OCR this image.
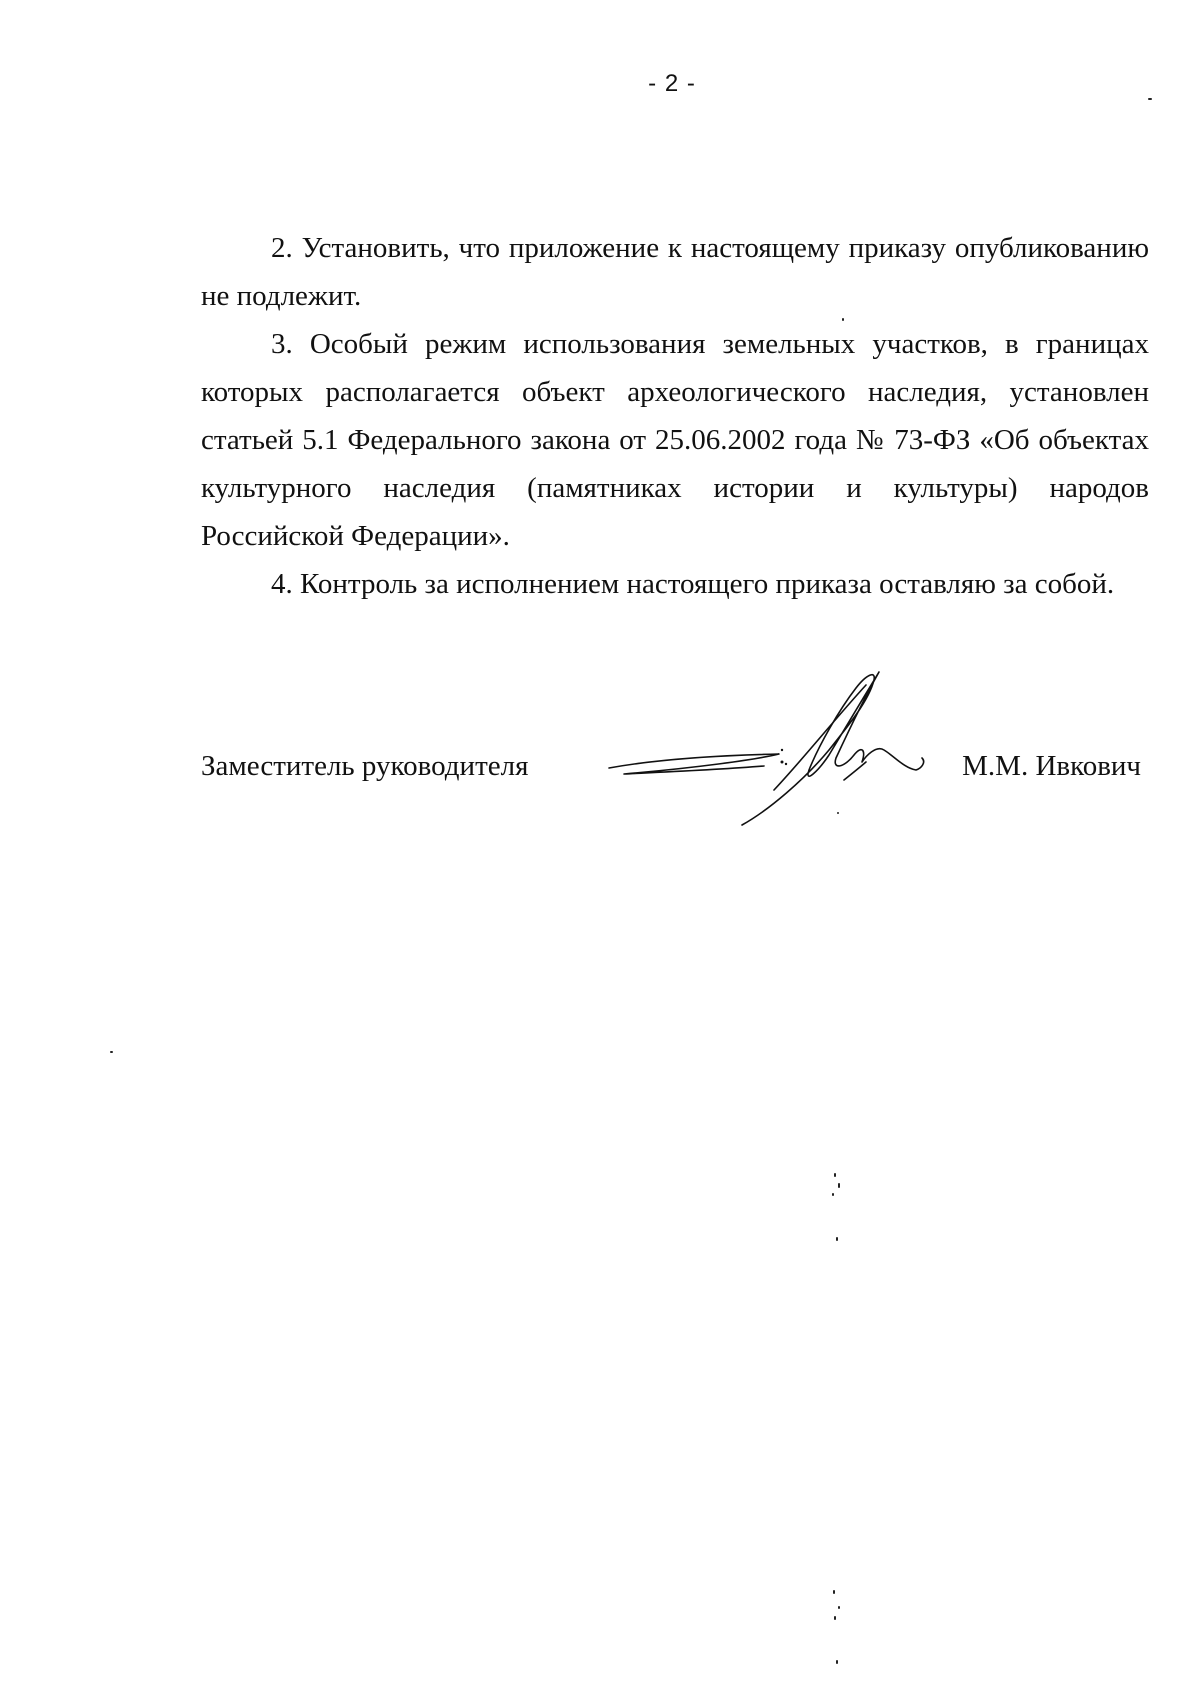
- 2 -

2. Установить, что приложение к настоящему приказу опубликованию не подлежит.

3. Особый режим использования земельных участков, в границах которых располагается объект археологического наследия, установлен статьей 5.1 Федерального закона от 25.06.2002 года № 73-ФЗ «Об объектах культурного наследия (памятниках истории и культуры) народов Российской Федерации».

4. Контроль за исполнением настоящего приказа оставляю за собой.

Заместитель руководителя	М.М. Ивкович
